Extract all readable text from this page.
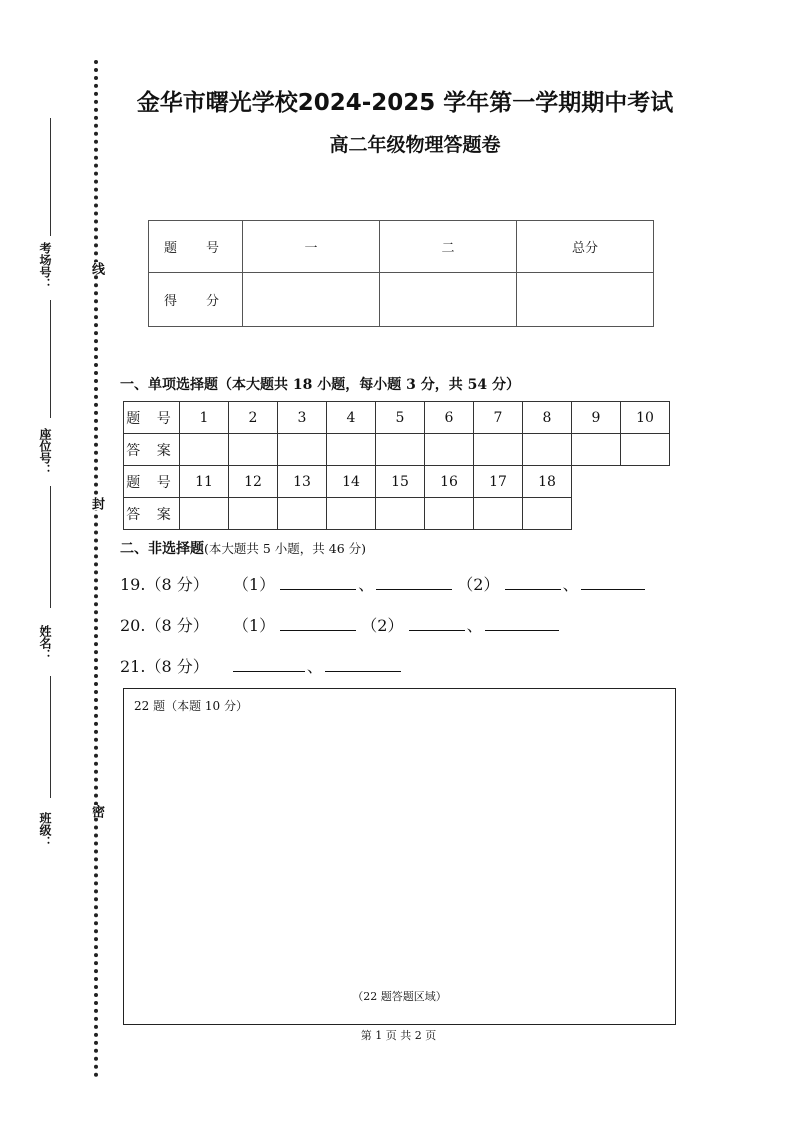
线
封
密
考场号：
座位号：
姓名：
班级：
金华市曙光学校2024-2025 学年第一学期期中考试
高二年级物理答题卷
题　号	一	二	总分
得　分			
一、单项选择题（本大题共 18 小题，每小题 3 分，共 54 分）
题 号	1	2	3	4	5	6	7	8	9	10
答 案										
题 号	11	12	13	14	15	16	17	18		
答 案										
二、非选择题(本大题共 5 小题，共 46 分)
19.（8 分） （1）	、	（2）	、
20.（8 分） （1）	（2）	、
21.（8 分）	、
22 题（本题 10 分）
（22 题答题区域）
第 1 页 共 2 页
